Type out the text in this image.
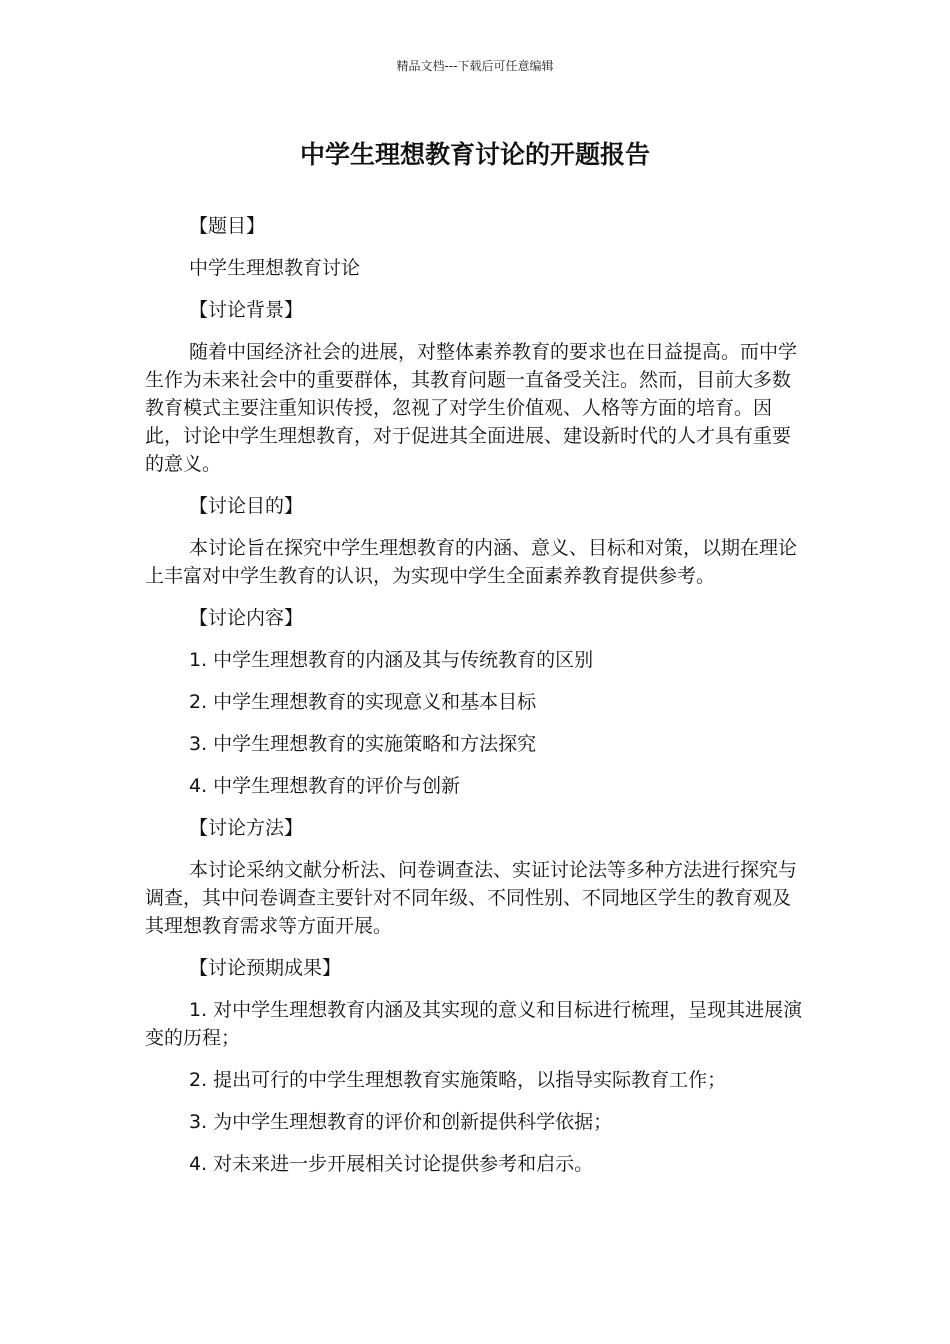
精品文档---下载后可任意编辑
中学生理想教育讨论的开题报告

【题目】

中学生理想教育讨论

【讨论背景】

随着中国经济社会的进展，对整体素养教育的要求也在日益提高。而中学生作为未来社会中的重要群体，其教育问题一直备受关注。然而，目前大多数教育模式主要注重知识传授，忽视了对学生价值观、人格等方面的培育。因此，讨论中学生理想教育，对于促进其全面进展、建设新时代的人才具有重要的意义。

【讨论目的】

本讨论旨在探究中学生理想教育的内涵、意义、目标和对策，以期在理论上丰富对中学生教育的认识，为实现中学生全面素养教育提供参考。

【讨论内容】

1. 中学生理想教育的内涵及其与传统教育的区别

2. 中学生理想教育的实现意义和基本目标

3. 中学生理想教育的实施策略和方法探究

4. 中学生理想教育的评价与创新

【讨论方法】

本讨论采纳文献分析法、问卷调查法、实证讨论法等多种方法进行探究与调查，其中问卷调查主要针对不同年级、不同性别、不同地区学生的教育观及其理想教育需求等方面开展。

【讨论预期成果】

1. 对中学生理想教育内涵及其实现的意义和目标进行梳理，呈现其进展演变的历程；

2. 提出可行的中学生理想教育实施策略，以指导实际教育工作；

3. 为中学生理想教育的评价和创新提供科学依据；

4. 对未来进一步开展相关讨论提供参考和启示。
